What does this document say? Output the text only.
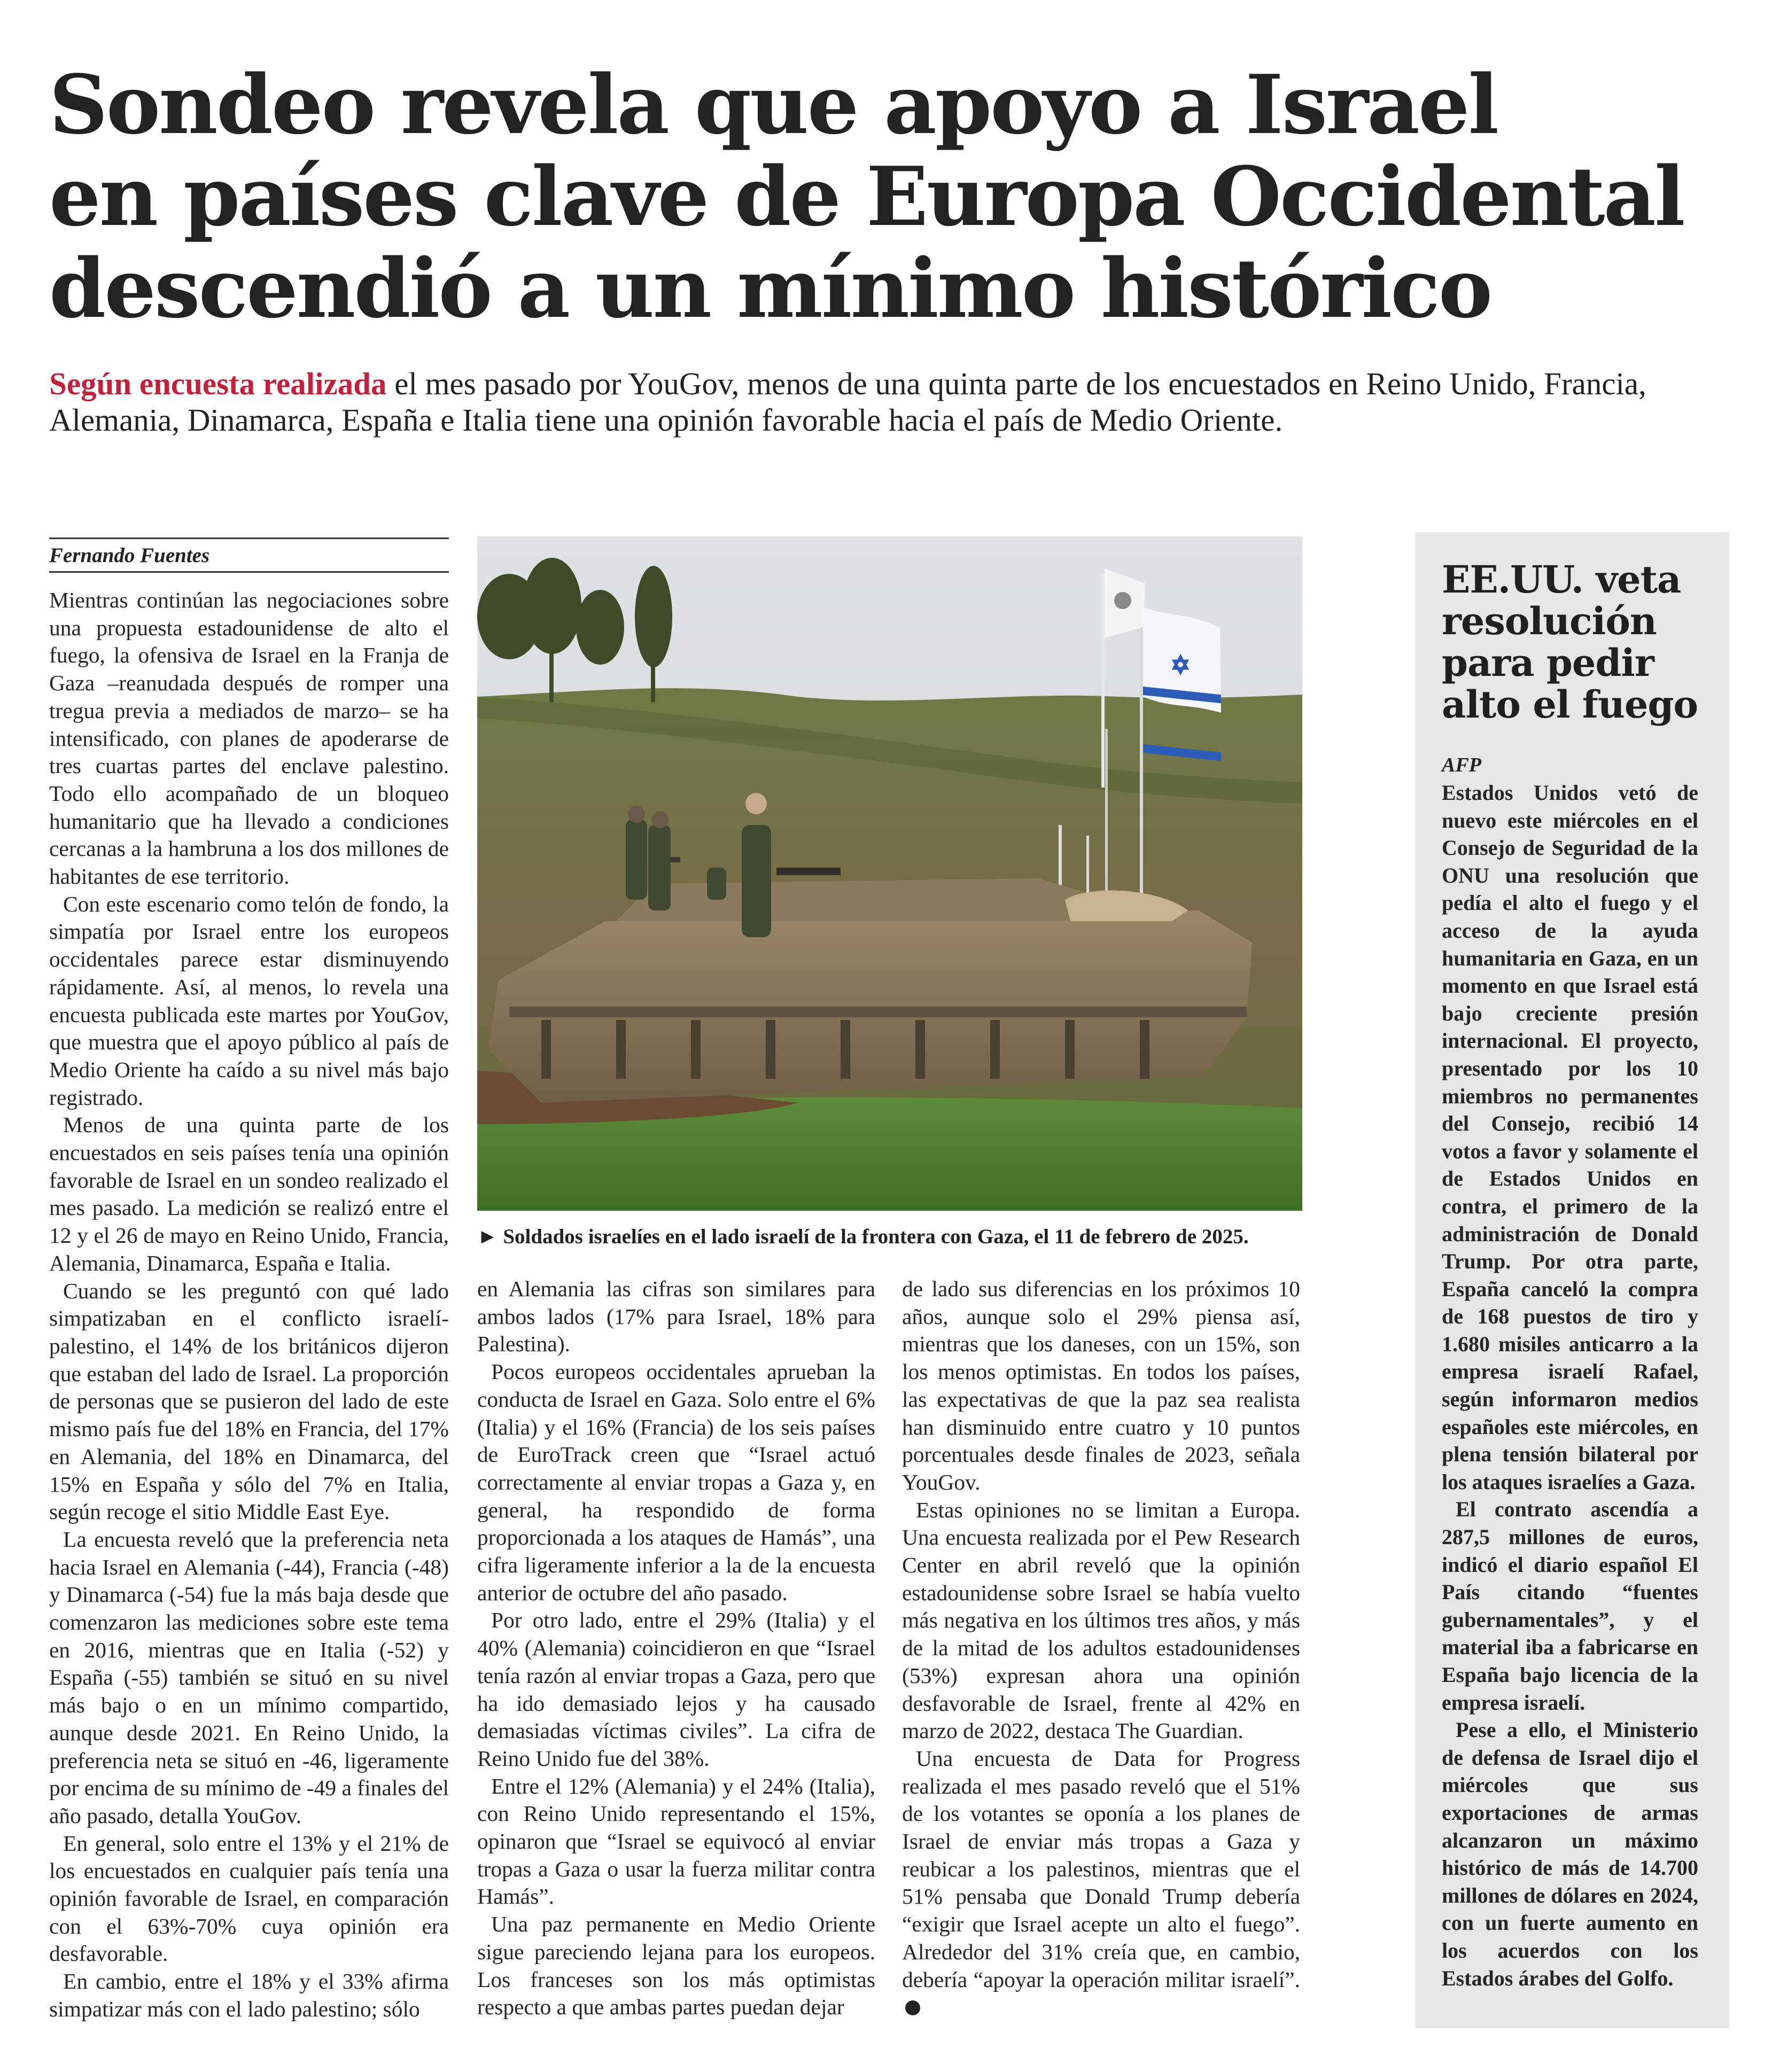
Sondeo revela que apoyo a Israel
en países clave de Europa Occidental
descendió a un mínimo histórico

Según encuesta realizada el mes pasado por YouGov, menos de una quinta parte de los encuestados en Reino Unido, Francia, Alemania, Dinamarca, España e Italia tiene una opinión favorable hacia el país de Medio Oriente.

Fernando Fuentes

Mientras continúan las negociaciones sobre una propuesta estadounidense de alto el fuego, la ofensiva de Israel en la Franja de Gaza –reanudada después de romper una tregua previa a mediados de marzo– se ha intensificado, con planes de apoderarse de tres cuartas partes del enclave palestino. Todo ello acompañado de un bloqueo humanitario que ha llevado a condiciones cercanas a la hambruna a los dos millones de habitantes de ese territorio.

Con este escenario como telón de fondo, la simpatía por Israel entre los europeos occidentales parece estar disminuyendo rápidamente. Así, al menos, lo revela una encuesta publicada este martes por YouGov, que muestra que el apoyo público al país de Medio Oriente ha caído a su nivel más bajo registrado.

Menos de una quinta parte de los encuestados en seis países tenía una opinión favorable de Israel en un sondeo realizado el mes pasado. La medición se realizó entre el 12 y el 26 de mayo en Reino Unido, Francia, Alemania, Dinamarca, España e Italia.

Cuando se les preguntó con qué lado simpatizaban en el conflicto israelí-palestino, el 14% de los británicos dijeron que estaban del lado de Israel. La proporción de personas que se pusieron del lado de este mismo país fue del 18% en Francia, del 17% en Alemania, del 18% en Dinamarca, del 15% en España y sólo del 7% en Italia, según recoge el sitio Middle East Eye.

La encuesta reveló que la preferencia neta hacia Israel en Alemania (-44), Francia (-48) y Dinamarca (-54) fue la más baja desde que comenzaron las mediciones sobre este tema en 2016, mientras que en Italia (-52) y España (-55) también se situó en su nivel más bajo o en un mínimo compartido, aunque desde 2021. En Reino Unido, la preferencia neta se situó en -46, ligeramente por encima de su mínimo de -49 a finales del año pasado, detalla YouGov.

En general, solo entre el 13% y el 21% de los encuestados en cualquier país tenía una opinión favorable de Israel, en comparación con el 63%-70% cuya opinión era desfavorable.

En cambio, entre el 18% y el 33% afirma simpatizar más con el lado palestino; sólo

► Soldados israelíes en el lado israelí de la frontera con Gaza, el 11 de febrero de 2025.

en Alemania las cifras son similares para ambos lados (17% para Israel, 18% para Palestina).

Pocos europeos occidentales aprueban la conducta de Israel en Gaza. Solo entre el 6% (Italia) y el 16% (Francia) de los seis países de EuroTrack creen que “Israel actuó correctamente al enviar tropas a Gaza y, en general, ha respondido de forma proporcionada a los ataques de Hamás”, una cifra ligeramente inferior a la de la encuesta anterior de octubre del año pasado.

Por otro lado, entre el 29% (Italia) y el 40% (Alemania) coincidieron en que “Israel tenía razón al enviar tropas a Gaza, pero que ha ido demasiado lejos y ha causado demasiadas víctimas civiles”. La cifra de Reino Unido fue del 38%.

Entre el 12% (Alemania) y el 24% (Italia), con Reino Unido representando el 15%, opinaron que “Israel se equivocó al enviar tropas a Gaza o usar la fuerza militar contra Hamás”.

Una paz permanente en Medio Oriente sigue pareciendo lejana para los europeos. Los franceses son los más optimistas respecto a que ambas partes puedan dejar

de lado sus diferencias en los próximos 10 años, aunque solo el 29% piensa así, mientras que los daneses, con un 15%, son los menos optimistas. En todos los países, las expectativas de que la paz sea realista han disminuido entre cuatro y 10 puntos porcentuales desde finales de 2023, señala YouGov.

Estas opiniones no se limitan a Europa. Una encuesta realizada por el Pew Research Center en abril reveló que la opinión estadounidense sobre Israel se había vuelto más negativa en los últimos tres años, y más de la mitad de los adultos estadounidenses (53%) expresan ahora una opinión desfavorable de Israel, frente al 42% en marzo de 2022, destaca The Guardian.

Una encuesta de Data for Progress realizada el mes pasado reveló que el 51% de los votantes se oponía a los planes de Israel de enviar más tropas a Gaza y reubicar a los palestinos, mientras que el 51% pensaba que Donald Trump debería “exigir que Israel acepte un alto el fuego”. Alrededor del 31% creía que, en cambio, debería “apoyar la operación militar israelí”.

EE.UU. veta resolución para pedir alto el fuego
AFP

Estados Unidos vetó de nuevo este miércoles en el Consejo de Seguridad de la ONU una resolución que pedía el alto el fuego y el acceso de la ayuda humanitaria en Gaza, en un momento en que Israel está bajo creciente presión internacional. El proyecto, presentado por los 10 miembros no permanentes del Consejo, recibió 14 votos a favor y solamente el de Estados Unidos en contra, el primero de la administración de Donald Trump. Por otra parte, España canceló la compra de 168 puestos de tiro y 1.680 misiles anticarro a la empresa israelí Rafael, según informaron medios españoles este miércoles, en plena tensión bilateral por los ataques israelíes a Gaza.

El contrato ascendía a 287,5 millones de euros, indicó el diario español El País citando “fuentes gubernamentales”, y el material iba a fabricarse en España bajo licencia de la empresa israelí.

Pese a ello, el Ministerio de defensa de Israel dijo el miércoles que sus exportaciones de armas alcanzaron un máximo histórico de más de 14.700 millones de dólares en 2024, con un fuerte aumento en los acuerdos con los Estados árabes del Golfo.
